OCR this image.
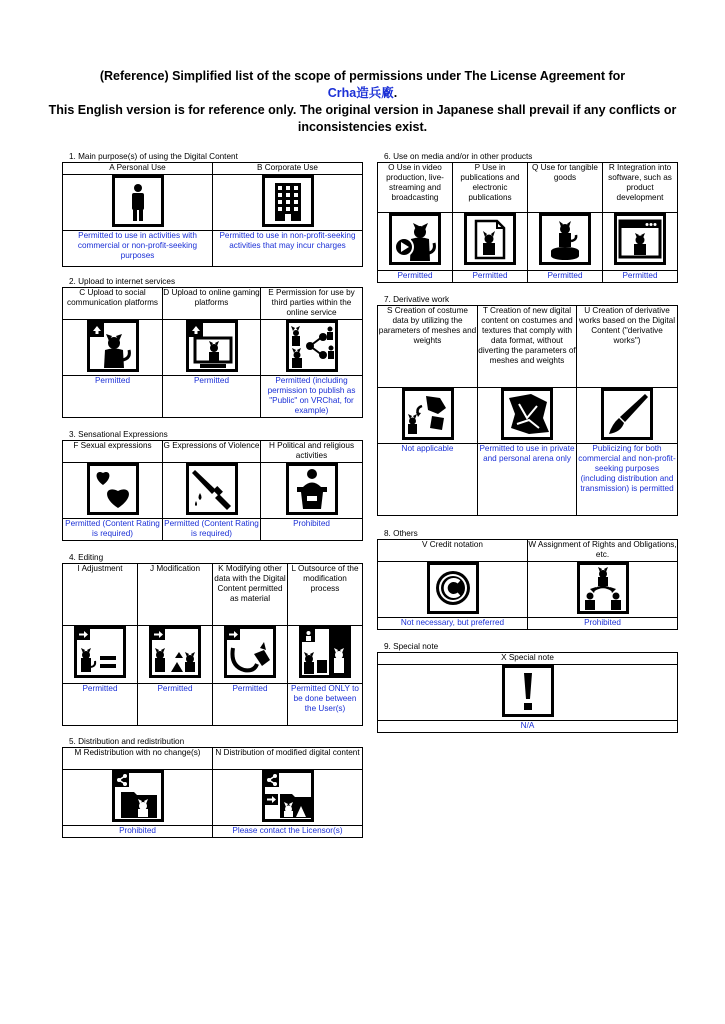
(Reference) Simplified list of the scope of permissions under The License Agreement for
Crha造兵廠.
This English version is for reference only. The original version in Japanese shall prevail if any conflicts or
inconsistencies exist.
1. Main purpose(s) of using the Digital Content
A Personal Use	B Corporate Use

Permitted to use in activities with commercial or non-profit-seeking purposes	Permitted to use in non-profit-seeking activities that may incur charges
2. Upload to internet services
C Upload to social communication platforms	D Upload to online gaming platforms	E Permission for use by third parties within the online service

Permitted	Permitted	Permitted (including permission to publish as "Public" on VRChat, for example)
3. Sensational Expressions
F Sexual expressions	G Expressions of Violence	H Political and religious activities

Permitted (Content Rating is required)	Permitted (Content Rating is required)	Prohibited
4. Editing
I Adjustment	J Modification	K Modifying other data with the Digital Content permitted as material	L Outsource of the modification process

Permitted	Permitted	Permitted	Permitted ONLY to be done between the User(s)
5. Distribution and redistribution
M Redistribution with no change(s)	N Distribution of modified digital content

Prohibited	Please contact the Licensor(s)
6. Use on media and/or in other products
O Use in video production, live-streaming and broadcasting	P Use in publications and electronic publications	Q Use for tangible goods	R Integration into software, such as product development

Permitted	Permitted	Permitted	Permitted
7. Derivative work
S Creation of costume data by utilizing the parameters of meshes and weights	T Creation of new digital content on costumes and textures that comply with data format, without diverting the parameters of meshes and weights	U Creation of derivative works based on the Digital Content ("derivative works")

Not applicable	Permitted to use in private and personal arena only	Publicizing for both commercial and non-profit-seeking purposes (including distribution and transmission) is permitted
8. Others
V Credit notation	W Assignment of Rights and Obligations, etc.

Not necessary, but preferred	Prohibited
9. Special note
X Special note

N/A
